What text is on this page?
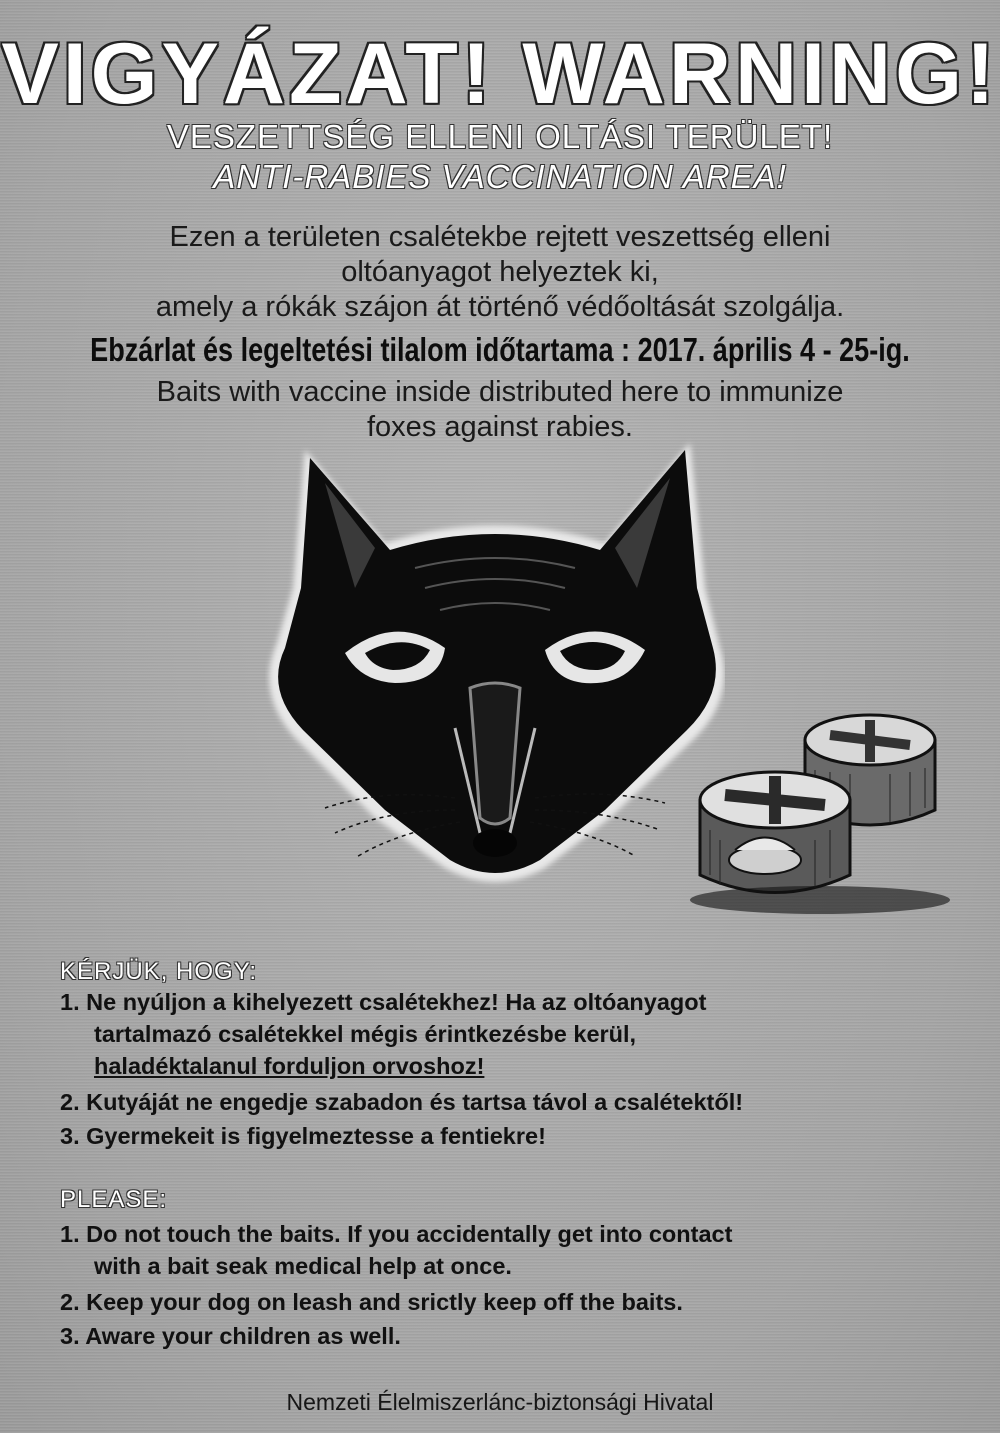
VIGYÁZAT! WARNING!
VESZETTSÉG ELLENI OLTÁSI TERÜLET!
ANTI-RABIES VACCINATION AREA!
Ezen a területen csalétekbe rejtett veszettség elleni
oltóanyagot helyeztek ki,
amely a rókák szájon át történő védőoltását szolgálja.
Ebzárlat és legeltetési tilalom időtartama : 2017. április 4 - 25-ig.
Baits with vaccine inside distributed here to immunize
foxes against rabies.
KÉRJÜK, HOGY:
1. Ne nyúljon a kihelyezett csalétekhez! Ha az oltóanyagot
tartalmazó csalétekkel mégis érintkezésbe kerül,
haladéktalanul forduljon orvoshoz!
2. Kutyáját ne engedje szabadon és tartsa távol a csalétektől!
3. Gyermekeit is figyelmeztesse a fentiekre!
PLEASE:
1. Do not touch the baits. If you accidentally get into contact
with a bait seak medical help at once.
2. Keep your dog on leash and srictly keep off the baits.
3. Aware your children as well.
Nemzeti Élelmiszerlánc-biztonsági Hivatal
